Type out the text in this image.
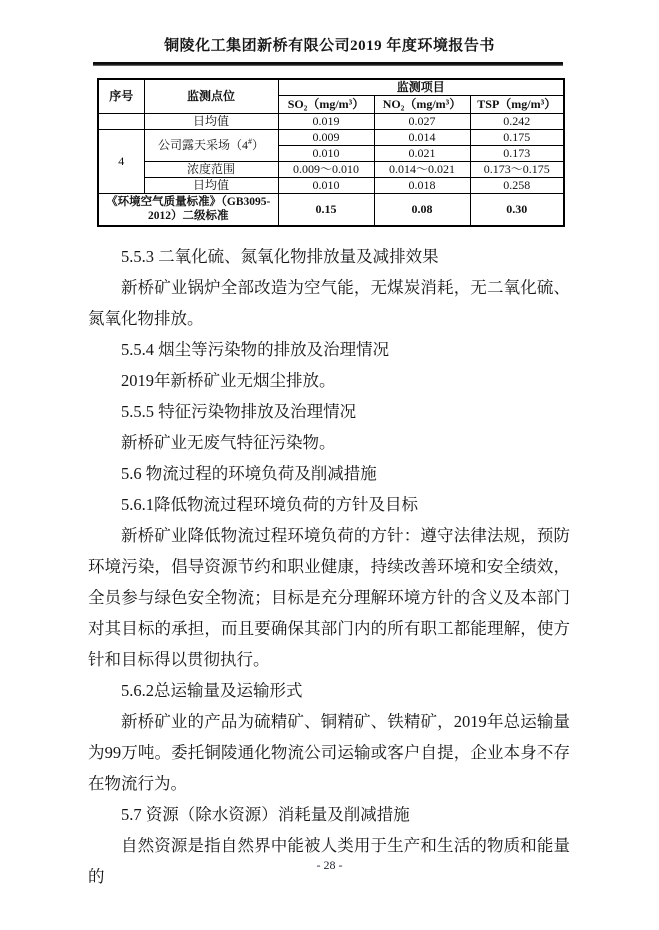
铜陵化工集团新桥有限公司2019 年度环境报告书
序号	监测点位	监测项目		
		SO₂（mg/m³）	NO₂（mg/m³）	TSP（mg/m³）
	日均值	0.019	0.027	0.242
4	公司露天采场（4#）	0.009	0.014	0.175
		0.010	0.021	0.173
	浓度范围	0.009～0.010	0.014～0.021	0.173～0.175
	日均值	0.010	0.018	0.258
《环境空气质量标准》（GB3095-2012）二级标准		0.15	0.08	0.30

5.5.3 二氧化硫、氮氧化物排放量及减排效果

新桥矿业锅炉全部改造为空气能，无煤炭消耗，无二氧化硫、氮氧化物排放。

5.5.4 烟尘等污染物的排放及治理情况

2019年新桥矿业无烟尘排放。

5.5.5 特征污染物排放及治理情况

新桥矿业无废气特征污染物。

5.6 物流过程的环境负荷及削减措施

5.6.1降低物流过程环境负荷的方针及目标

新桥矿业降低物流过程环境负荷的方针：遵守法律法规，预防环境污染，倡导资源节约和职业健康，持续改善环境和安全绩效，全员参与绿色安全物流；目标是充分理解环境方针的含义及本部门对其目标的承担，而且要确保其部门内的所有职工都能理解，使方针和目标得以贯彻执行。

5.6.2总运输量及运输形式

新桥矿业的产品为硫精矿、铜精矿、铁精矿，2019年总运输量为99万吨。委托铜陵通化物流公司运输或客户自提，企业本身不存在物流行为。

5.7 资源（除水资源）消耗量及削减措施

自然资源是指自然界中能被人类用于生产和生活的物质和能量的

- 28 -
